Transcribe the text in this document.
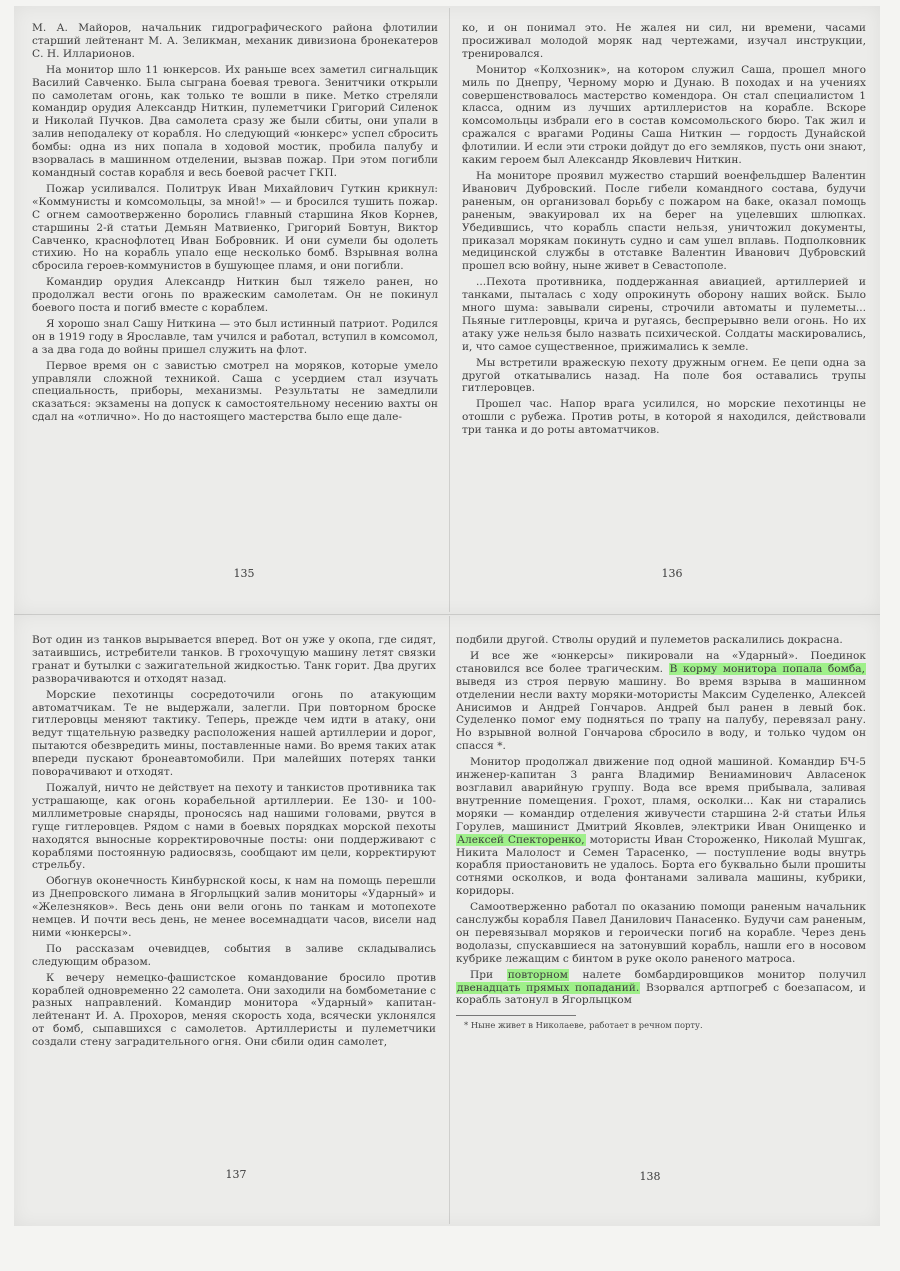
М. А. Майоров, начальник гидрографического района флотилии старший лейтенант М. А. Зеликман, механик дивизиона бронекатеров С. Н. Илларионов.

На монитор шло 11 юнкерсов. Их раньше всех заметил сигнальщик Василий Савченко. Была сыграна боевая тревога. Зенитчики открыли по самолетам огонь, как только те вошли в пике. Метко стреляли командир орудия Александр Ниткин, пулеметчики Григорий Силенок и Николай Пучков. Два самолета сразу же были сбиты, они упали в залив неподалеку от корабля. Но следующий «юнкерс» успел сбросить бомбы: одна из них попала в ходовой мостик, пробила палубу и взорвалась в машинном отделении, вызвав пожар. При этом погибли командный состав корабля и весь боевой расчет ГКП.

Пожар усиливался. Политрук Иван Михайлович Гуткин крикнул: «Коммунисты и комсомольцы, за мной!» — и бросился тушить пожар. С огнем самоотверженно боролись главный старшина Яков Корнев, старшины 2-й статьи Демьян Матвиенко, Григорий Бовтун, Виктор Савченко, краснофлотец Иван Бобровник. И они сумели бы одолеть стихию. Но на корабль упало еще несколько бомб. Взрывная волна сбросила героев-коммунистов в бушующее пламя, и они погибли.

Командир орудия Александр Ниткин был тяжело ранен, но продолжал вести огонь по вражеским самолетам. Он не покинул боевого поста и погиб вместе с кораблем.

Я хорошо знал Сашу Ниткина — это был истинный патриот. Родился он в 1919 году в Ярославле, там учился и работал, вступил в комсомол, а за два года до войны пришел служить на флот.

Первое время он с завистью смотрел на моряков, которые умело управляли сложной техникой. Саша с усердием стал изучать специальность, приборы, механизмы. Результаты не замедлили сказаться: экзамены на допуск к самостоятельному несению вахты он сдал на «отлично». Но до настоящего мастерства было еще дале-

135

ко, и он понимал это. Не жалея ни сил, ни времени, часами просиживал молодой моряк над чертежами, изучал инструкции, тренировался.

Монитор «Колхозник», на котором служил Саша, прошел много миль по Днепру, Черному морю и Дунаю. В походах и на учениях совершенствовалось мастерство комендора. Он стал специалистом 1 класса, одним из лучших артиллеристов на корабле. Вскоре комсомольцы избрали его в состав комсомольского бюро. Так жил и сражался с врагами Родины Саша Ниткин — гордость Дунайской флотилии. И если эти строки дойдут до его земляков, пусть они знают, каким героем был Александр Яковлевич Ниткин.

На монитоpе проявил мужество старший военфельдшер Валентин Иванович Дубровский. После гибели командного состава, будучи раненым, он организовал борьбу с пожаром на баке, оказал помощь раненым, эвакуировал их на берег на уцелевших шлюпках. Убедившись, что корабль спасти нельзя, уничтожил документы, приказал морякам покинуть судно и сам ушел вплавь. Подполковник медицинской службы в отставке Валентин Иванович Дубровский прошел всю войну, ныне живет в Севастополе.

...Пехота противника, поддержанная авиацией, артиллерией и танками, пыталась с ходу опрокинуть оборону наших войск. Было много шума: завывали сирены, строчили автоматы и пулеметы... Пьяные гитлеровцы, крича и ругаясь, беспрерывно вели огонь. Но их атаку уже нельзя было назвать психической. Солдаты маскировались, и, что самое существенное, прижимались к земле.

Мы встретили вражескую пехоту дружным огнем. Ее цепи одна за другой откатывались назад. На поле боя оставались трупы гитлеровцев.

Прошел час. Напор врага усилился, но морские пехотинцы не отошли с рубежа. Против роты, в которой я находился, действовали три танка и до роты автоматчиков.

136

Вот один из танков вырывается вперед. Вот он уже у окопа, где сидят, затаившись, истребители танков. В грохочущую машину летят связки гранат и бутылки с зажигательной жидкостью. Танк горит. Два других разворачиваются и отходят назад.

Морские пехотинцы сосредоточили огонь по атакующим автоматчикам. Те не выдержали, залегли. При повторном броске гитлеровцы меняют тактику. Теперь, прежде чем идти в атаку, они ведут тщательную разведку расположения нашей артиллерии и дорог, пытаются обезвредить мины, поставленные нами. Во время таких атак впереди пускают бронеавтомобили. При малейших потерях танки поворачивают и отходят.

Пожалуй, ничто не действует на пехоту и танкистов противника так устрашающе, как огонь корабельной артиллерии. Ее 130- и 100-миллиметровые снаряды, проносясь над нашими головами, рвутся в гуще гитлеровцев. Рядом с нами в боевых порядках морской пехоты находятся выносные корректировочные посты: они поддерживают с кораблями постоянную радиосвязь, сообщают им цели, корректируют стрельбу.

Обогнув оконечность Кинбурнской косы, к нам на помощь перешли из Днепровского лимана в Ягорлыцкий залив мониторы «Ударный» и «Железняков». Весь день они вели огонь по танкам и мотопехоте немцев. И почти весь день, не менее восемнадцати часов, висели над ними «юнкерсы».

По рассказам очевидцев, события в заливе складывались следующим образом.

К вечеру немецко-фашистское командование бросило против кораблей одновременно 22 самолета. Они заходили на бомбометание с разных направлений. Командир монитора «Ударный» капитан-лейтенант И. А. Прохоров, меняя скорость хода, всячески уклонялся от бомб, сыпавшихся с самолетов. Артиллеристы и пулеметчики создали стену заградительного огня. Они сбили один самолет,

137

подбили другой. Стволы орудий и пулеметов раскалились докрасна.

И все же «юнкерсы» пикировали на «Ударный». Поединок становился все более трагическим. В корму монитора попала бомба, выведя из строя первую машину. Во время взрыва в машинном отделении несли вахту моряки-мотористы Максим Суделенко, Алексей Анисимов и Андрей Гончаров. Андрей был ранен в левый бок. Суделенко помог ему подняться по трапу на палубу, перевязал рану. Но взрывной волной Гончарова сбросило в воду, и только чудом он спасся *.

Монитор продолжал движение под одной машиной. Командир БЧ-5 инженер-капитан 3 ранга Владимир Вениаминович Авласенок возглавил аварийную группу. Вода все время прибывала, заливая внутренние помещения. Грохот, пламя, осколки... Как ни старались моряки — командир отделения живучести старшина 2-й статьи Илья Горулев, машинист Дмитрий Яковлев, электрики Иван Онищенко и Алексей Спекторенко, мотористы Иван Стороженко, Николай Мушгак, Никита Малолост и Семен Тарасенко, — поступление воды внутрь корабля приостановить не удалось. Борта его буквально были прошиты сотнями осколков, и вода фонтанами заливала машины, кубрики, коридоры.

Самоотверженно работал по оказанию помощи раненым начальник санслужбы корабля Павел Данилович Панасенко. Будучи сам раненым, он перевязывал моряков и героически погиб на корабле. Через день водолазы, спускавшиеся на затонувший корабль, нашли его в носовом кубрике лежащим с бинтом в руке около раненого матроса.

При повторном налете бомбардировщиков монитор получил двенадцать прямых попаданий. Взорвался артпогреб с боезапасом, и корабль затонул в Ягорлыцком

* Ныне живет в Николаеве, работает в речном порту.
138
